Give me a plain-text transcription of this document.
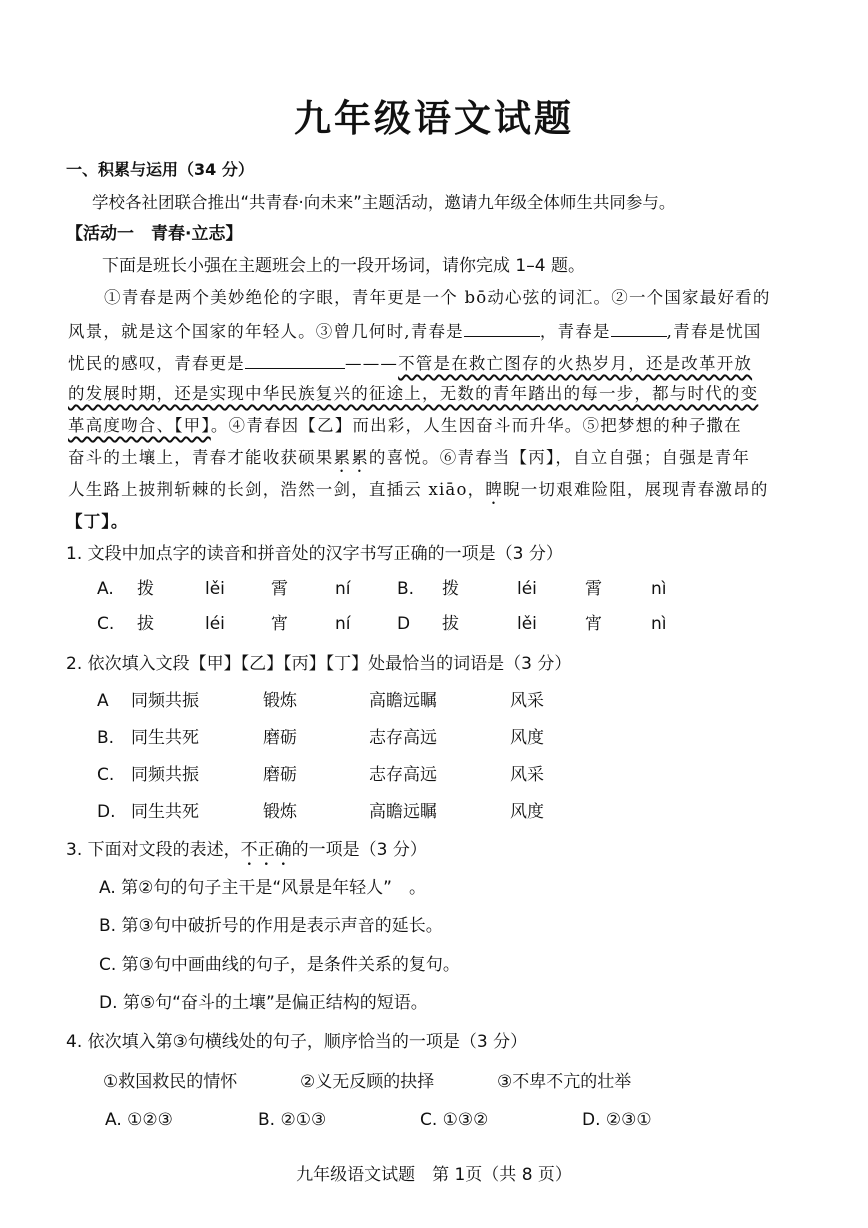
九年级语文试题
一、积累与运用（34 分）
学校各社团联合推出“共青春·向未来”主题活动，邀请九年级全体师生共同参与。
【活动一　青春·立志】
下面是班长小强在主题班会上的一段开场词，请你完成 1–4 题。
①青春是两个美妙绝伦的字眼，青年更是一个 bō动心弦的词汇。②一个国家最好看的
风景，就是这个国家的年轻人。③曾几何时,青春是	，青春是	,青春是忧国
忧民的感叹，青春更是	———不管是在救亡图存的火热岁月，还是改革开放
的发展时期，还是实现中华民族复兴的征途上，无数的青年踏出的每一步，都与时代的变
革高度吻合、【甲】。④青春因【乙】而出彩，人生因奋斗而升华。⑤把梦想的种子撒在
奋斗的土壤上，青春才能收获硕果累累的喜悦。⑥青春当【丙】，自立自强；自强是青年
人生路上披荆斩棘的长剑，浩然一剑，直插云 xiāo，睥睨一切艰难险阻，展现青春激昂的
【丁】。
1. 文段中加点字的读音和拼音处的汉字书写正确的一项是（3 分）
A. 拨	lěi	霄	ní	B. 拨	léi	霄	nì
C. 拔	léi	宵	ní	D 拔	lěi	宵	nì
2. 依次填入文段【甲】【乙】【丙】【丁】处最恰当的词语是（3 分）
A 同频共振	锻炼	高瞻远瞩	风采
B. 同生共死	磨砺	志存高远	风度
C. 同频共振	磨砺	志存高远	风采
D. 同生共死	锻炼	高瞻远瞩	风度
3. 下面对文段的表述，不正确的一项是（3 分）
A. 第②句的句子主干是“风景是年轻人”　。
B. 第③句中破折号的作用是表示声音的延长。
C. 第③句中画曲线的句子，是条件关系的复句。
D. 第⑤句“奋斗的土壤”是偏正结构的短语。
4. 依次填入第③句横线处的句子，顺序恰当的一项是（3 分）
①救国救民的情怀	②义无反顾的抉择	③不卑不亢的壮举
A. ①②③	B. ②①③	C. ①③②	D. ②③①
九年级语文试题　第 1页（共 8 页）
